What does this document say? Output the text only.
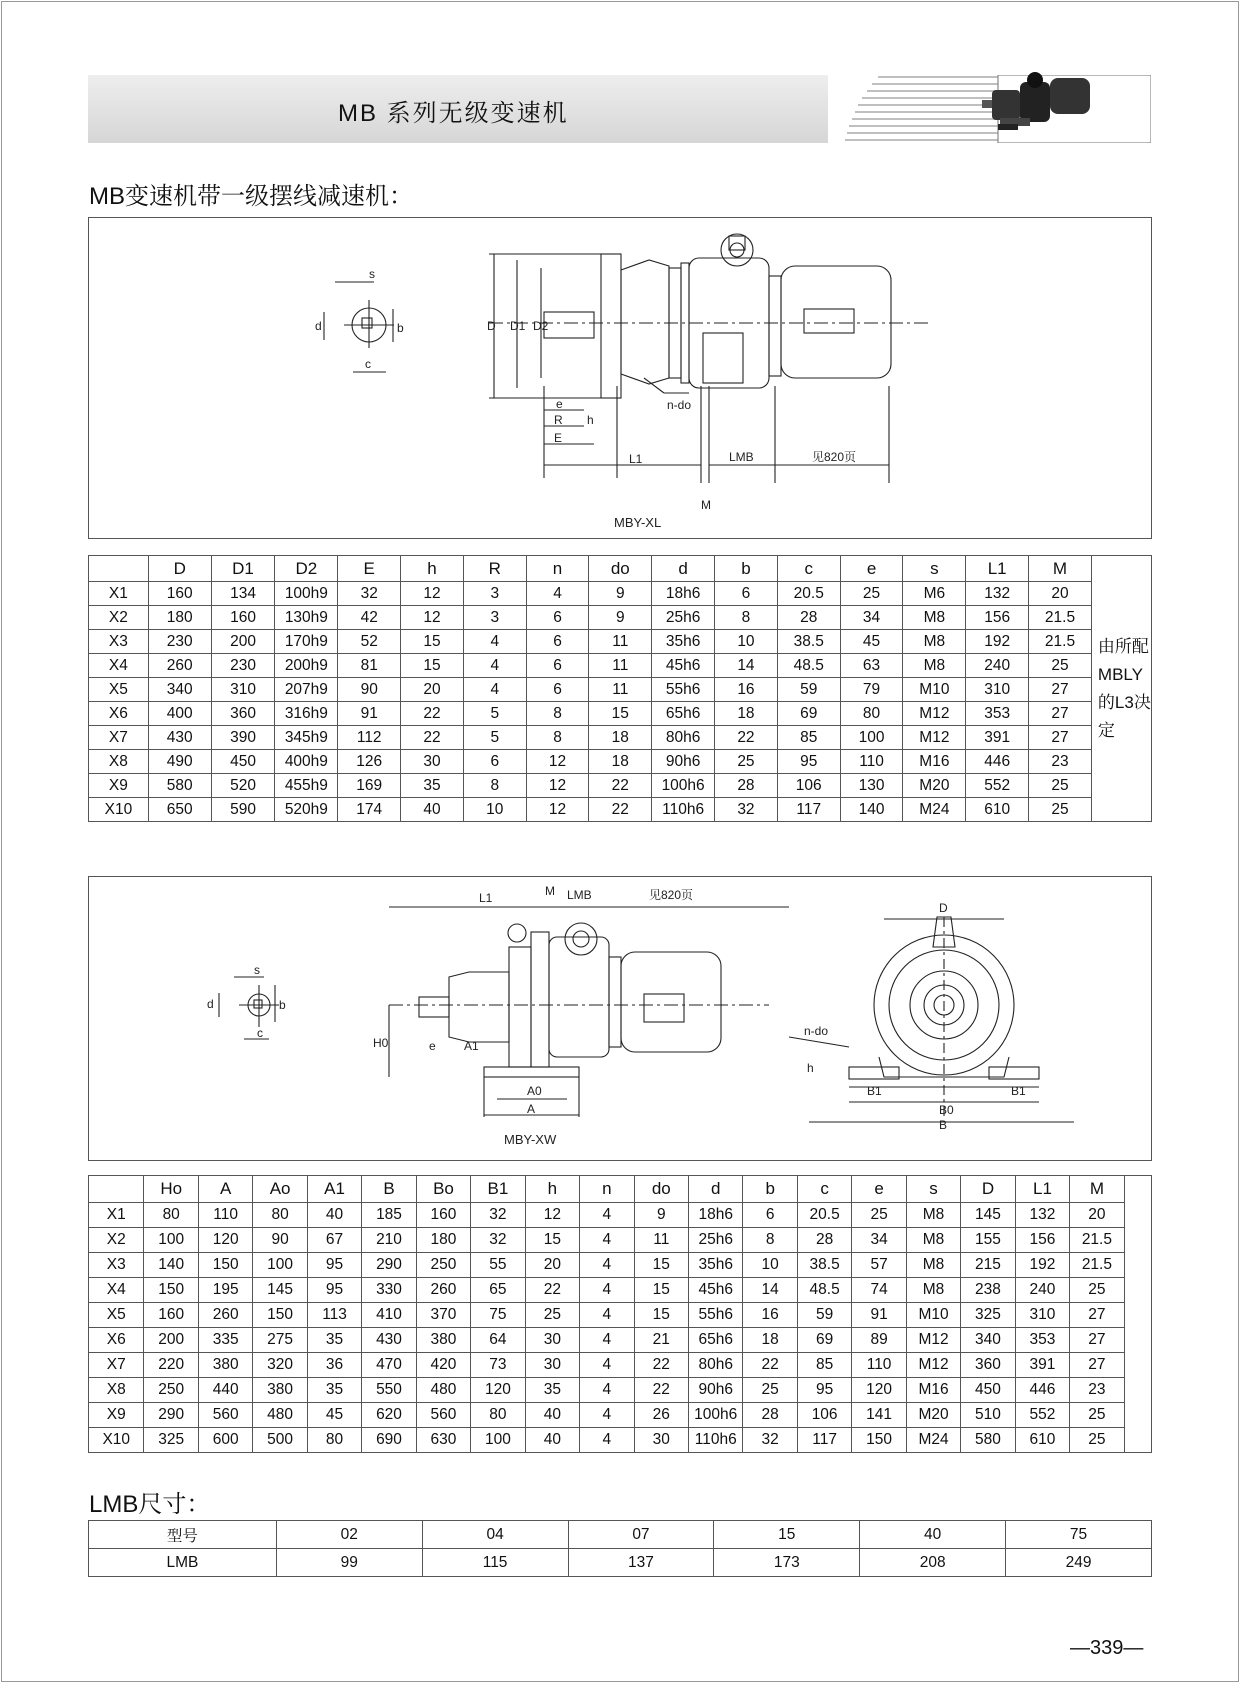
MB 系列无级变速机
MB变速机带一级摆线减速机：
s
b
d
c
D D1 D2
e
R h
E
n-do
L1	LMB	见820页
M
MBY-XL
	D	D1	D2	E	h	R	n	do	d	b	c	e	s	L1	M	由所配
MBLY
的L3决
定

X1	160	134	100h9	32	12	3	4	9	18h6	6	20.5	25	M6	132	20	
X2	180	160	130h9	42	12	3	6	9	25h6	8	28	34	M8	156	21.5	
X3	230	200	170h9	52	15	4	6	11	35h6	10	38.5	45	M8	192	21.5	
X4	260	230	200h9	81	15	4	6	11	45h6	14	48.5	63	M8	240	25	
X5	340	310	207h9	90	20	4	6	11	55h6	16	59	79	M10	310	27	
X6	400	360	316h9	91	22	5	8	15	65h6	18	69	80	M12	353	27	
X7	430	390	345h9	112	22	5	8	18	80h6	22	85	100	M12	391	27	
X8	490	450	400h9	126	30	6	12	18	90h6	25	95	110	M16	446	23	
X9	580	520	455h9	169	35	8	12	22	100h6	28	106	130	M20	552	25	
X10	650	590	520h9	174	40	10	12	22	110h6	32	117	140	M24	610	25	
L1	M LMB	见820页
s
b
d
c
H0	e A1
A0
A
D
n-do
h
B1
B0
B1
B
MBY-XW
	Ho	A	Ao	A1	B	Bo	B1	h	n	do	d	b	c	e	s	D	L1	M	
X1	80	110	80	40	185	160	32	12	4	9	18h6	6	20.5	25	M8	145	132	20	
X2	100	120	90	67	210	180	32	15	4	11	25h6	8	28	34	M8	155	156	21.5	
X3	140	150	100	95	290	250	55	20	4	15	35h6	10	38.5	57	M8	215	192	21.5	
X4	150	195	145	95	330	260	65	22	4	15	45h6	14	48.5	74	M8	238	240	25	
X5	160	260	150	113	410	370	75	25	4	15	55h6	16	59	91	M10	325	310	27	
X6	200	335	275	35	430	380	64	30	4	21	65h6	18	69	89	M12	340	353	27	
X7	220	380	320	36	470	420	73	30	4	22	80h6	22	85	110	M12	360	391	27	
X8	250	440	380	35	550	480	120	35	4	22	90h6	25	95	120	M16	450	446	23	
X9	290	560	480	45	620	560	80	40	4	26	100h6	28	106	141	M20	510	552	25	
X10	325	600	500	80	690	630	100	40	4	30	110h6	32	117	150	M24	580	610	25	
LMB尺寸：
型号	02	04	07	15	40	75
LMB	99	115	137	173	208	249
—339—
